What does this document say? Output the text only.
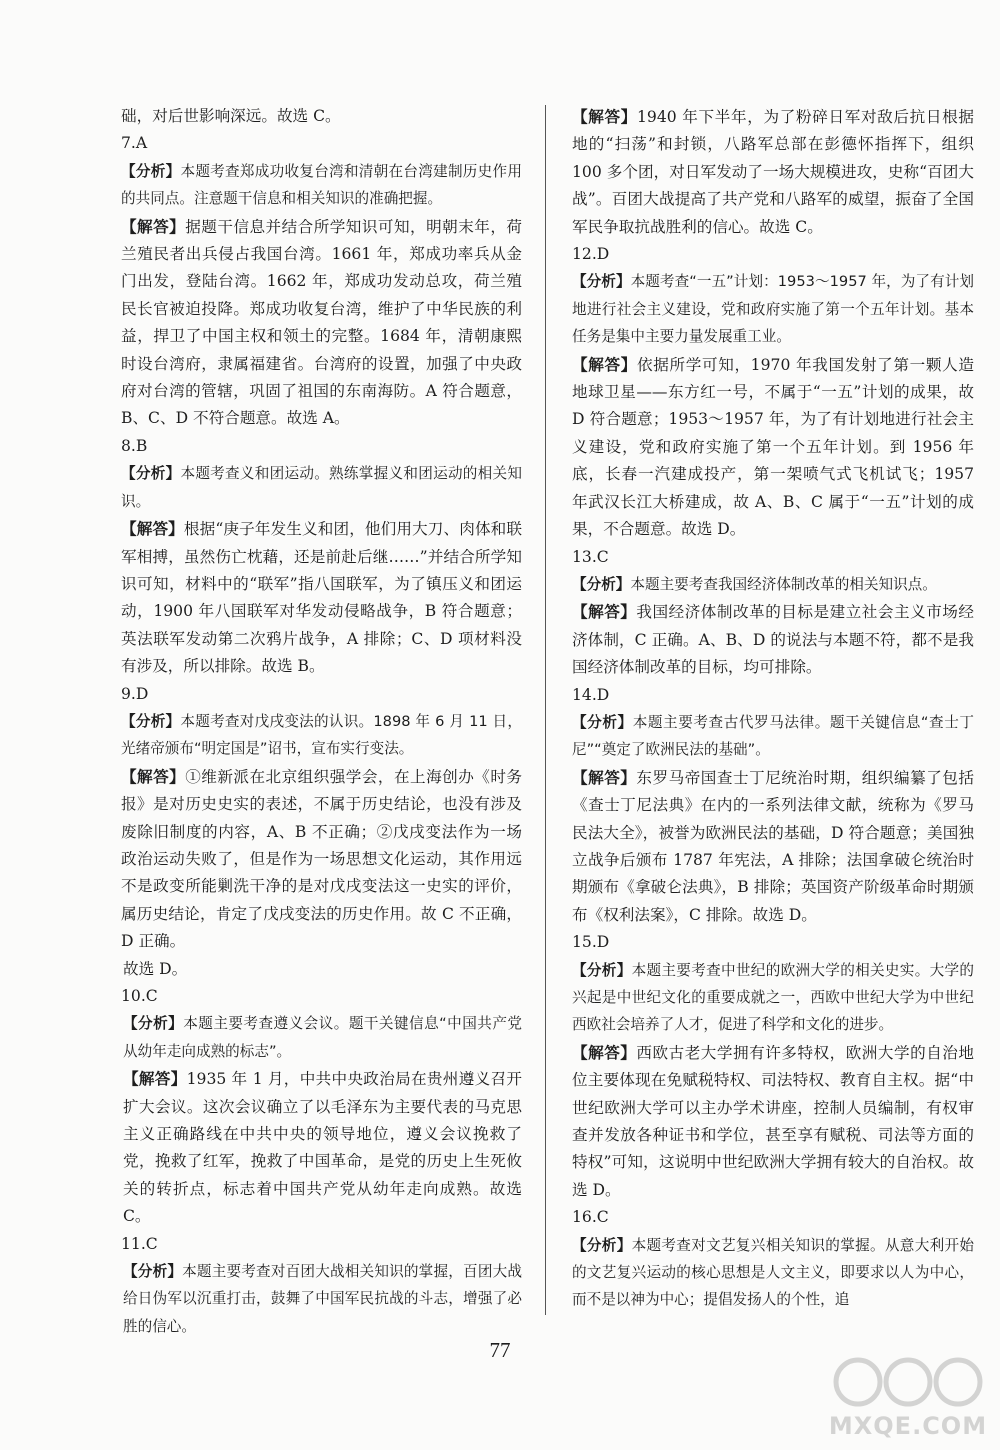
础，对后世影响深远。故选 C。
7.A
【分析】本题考查郑成功收复台湾和清朝在台湾建制历史作用的共同点。注意题干信息和相关知识的准确把握。
【解答】据题干信息并结合所学知识可知，明朝末年，荷兰殖民者出兵侵占我国台湾。1661 年，郑成功率兵从金门出发，登陆台湾。1662 年，郑成功发动总攻，荷兰殖民长官被迫投降。郑成功收复台湾，维护了中华民族的利益，捍卫了中国主权和领土的完整。1684 年，清朝康熙时设台湾府，隶属福建省。台湾府的设置，加强了中央政府对台湾的管辖，巩固了祖国的东南海防。A 符合题意，B、C、D 不符合题意。故选 A。
8.B
【分析】本题考查义和团运动。熟练掌握义和团运动的相关知识。
【解答】根据“庚子年发生义和团，他们用大刀、肉体和联军相搏，虽然伤亡枕藉，还是前赴后继……”并结合所学知识可知，材料中的“联军”指八国联军，为了镇压义和团运动，1900 年八国联军对华发动侵略战争，B 符合题意；英法联军发动第二次鸦片战争，A 排除；C、D 项材料没有涉及，所以排除。故选 B。
9.D
【分析】本题考查对戊戌变法的认识。1898 年 6 月 11 日，光绪帝颁布“明定国是”诏书，宣布实行变法。
【解答】①维新派在北京组织强学会，在上海创办《时务报》是对历史史实的表述，不属于历史结论，也没有涉及废除旧制度的内容，A、B 不正确；②戊戌变法作为一场政治运动失败了，但是作为一场思想文化运动，其作用远不是政变所能剿洗干净的是对戊戌变法这一史实的评价，属历史结论，肯定了戊戌变法的历史作用。故 C 不正确，D 正确。
故选 D。
10.C
【分析】本题主要考查遵义会议。题干关键信息“中国共产党从幼年走向成熟的标志”。
【解答】1935 年 1 月，中共中央政治局在贵州遵义召开扩大会议。这次会议确立了以毛泽东为主要代表的马克思主义正确路线在中共中央的领导地位，遵义会议挽救了党，挽救了红军，挽救了中国革命，是党的历史上生死攸关的转折点，标志着中国共产党从幼年走向成熟。故选 C。
11.C
【分析】本题主要考查对百团大战相关知识的掌握，百团大战给日伪军以沉重打击，鼓舞了中国军民抗战的斗志，增强了必胜的信心。
【解答】1940 年下半年，为了粉碎日军对敌后抗日根据地的“扫荡”和封锁，八路军总部在彭德怀指挥下，组织 100 多个团，对日军发动了一场大规模进攻，史称“百团大战”。百团大战提高了共产党和八路军的威望，振奋了全国军民争取抗战胜利的信心。故选 C。
12.D
【分析】本题考查“一五”计划：1953～1957 年，为了有计划地进行社会主义建设，党和政府实施了第一个五年计划。基本任务是集中主要力量发展重工业。
【解答】依据所学可知，1970 年我国发射了第一颗人造地球卫星——东方红一号，不属于“一五”计划的成果，故 D 符合题意；1953～1957 年，为了有计划地进行社会主义建设，党和政府实施了第一个五年计划。到 1956 年底，长春一汽建成投产，第一架喷气式飞机试飞；1957 年武汉长江大桥建成，故 A、B、C 属于“一五”计划的成果，不合题意。故选 D。
13.C
【分析】本题主要考查我国经济体制改革的相关知识点。
【解答】我国经济体制改革的目标是建立社会主义市场经济体制，C 正确。A、B、D 的说法与本题不符，都不是我国经济体制改革的目标，均可排除。
14.D
【分析】本题主要考查古代罗马法律。题干关键信息“查士丁尼”“奠定了欧洲民法的基础”。
【解答】东罗马帝国查士丁尼统治时期，组织编纂了包括《查士丁尼法典》在内的一系列法律文献，统称为《罗马民法大全》，被誉为欧洲民法的基础，D 符合题意；美国独立战争后颁布 1787 年宪法，A 排除；法国拿破仑统治时期颁布《拿破仑法典》，B 排除；英国资产阶级革命时期颁布《权利法案》，C 排除。故选 D。
15.D
【分析】本题主要考查中世纪的欧洲大学的相关史实。大学的兴起是中世纪文化的重要成就之一，西欧中世纪大学为中世纪西欧社会培养了人才，促进了科学和文化的进步。
【解答】西欧古老大学拥有许多特权，欧洲大学的自治地位主要体现在免赋税特权、司法特权、教育自主权。据“中世纪欧洲大学可以主办学术讲座，控制人员编制，有权审查并发放各种证书和学位，甚至享有赋税、司法等方面的特权”可知，这说明中世纪欧洲大学拥有较大的自治权。故选 D。
16.C
【分析】本题考查对文艺复兴相关知识的掌握。从意大利开始的文艺复兴运动的核心思想是人文主义，即要求以人为中心，而不是以神为中心；提倡发扬人的个性，追
77
MXQE.COM
